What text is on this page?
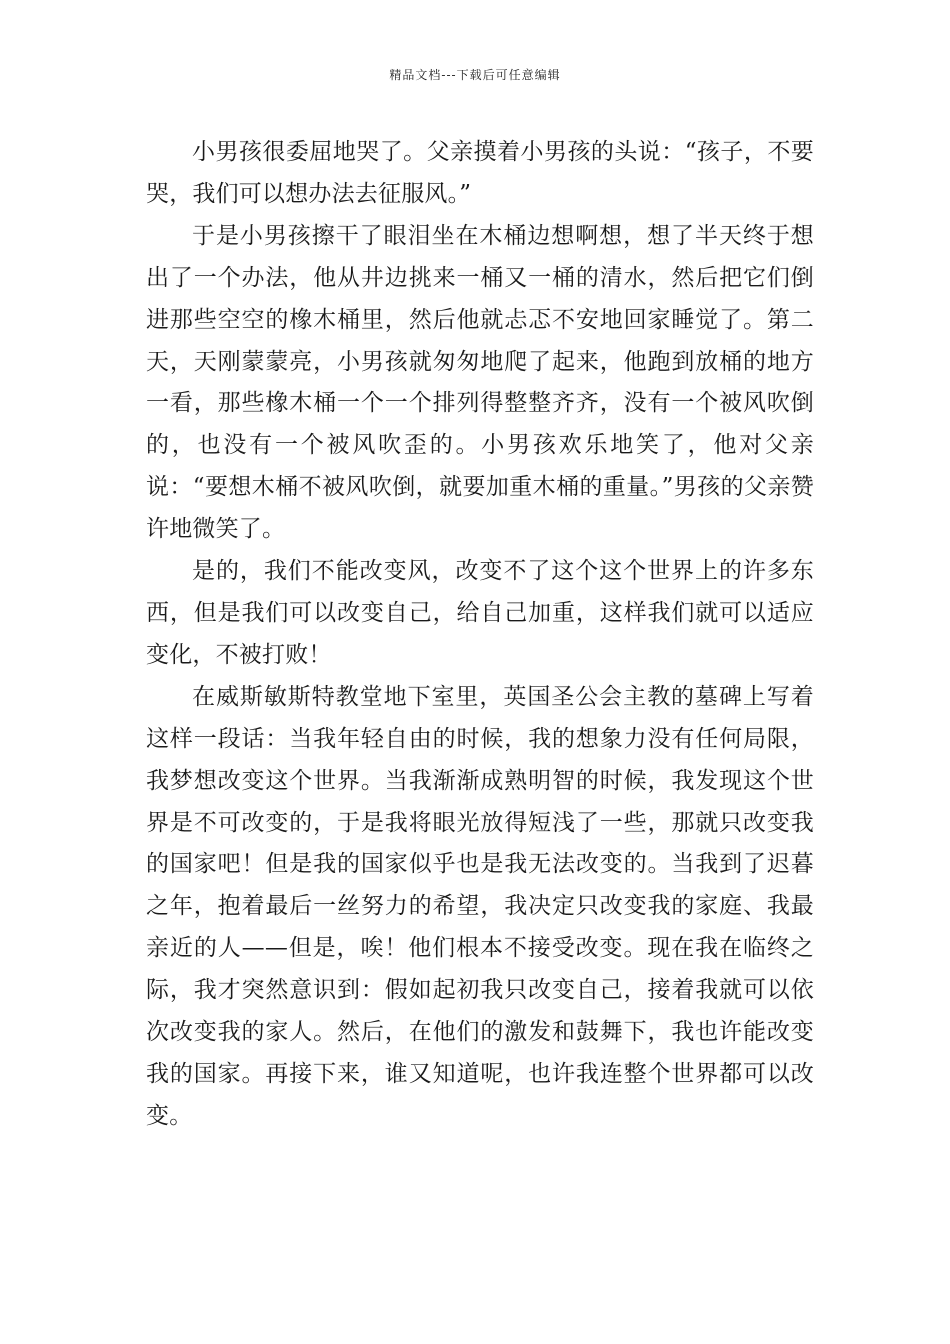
精品文档---下载后可任意编辑

小男孩很委屈地哭了。父亲摸着小男孩的头说：“孩子，不要哭，我们可以想办法去征服风。”

于是小男孩擦干了眼泪坐在木桶边想啊想，想了半天终于想出了一个办法，他从井边挑来一桶又一桶的清水，然后把它们倒进那些空空的橡木桶里，然后他就忐忑不安地回家睡觉了。第二天，天刚蒙蒙亮，小男孩就匆匆地爬了起来，他跑到放桶的地方一看，那些橡木桶一个一个排列得整整齐齐，没有一个被风吹倒的，也没有一个被风吹歪的。小男孩欢乐地笑了，他对父亲说：“要想木桶不被风吹倒，就要加重木桶的重量。”男孩的父亲赞许地微笑了。

是的，我们不能改变风，改变不了这个这个世界上的许多东西，但是我们可以改变自己，给自己加重，这样我们就可以适应变化，不被打败！

在威斯敏斯特教堂地下室里，英国圣公会主教的墓碑上写着这样一段话：当我年轻自由的时候，我的想象力没有任何局限，我梦想改变这个世界。当我渐渐成熟明智的时候，我发现这个世界是不可改变的，于是我将眼光放得短浅了一些，那就只改变我的国家吧！但是我的国家似乎也是我无法改变的。当我到了迟暮之年，抱着最后一丝努力的希望，我决定只改变我的家庭、我最亲近的人——但是，唉！他们根本不接受改变。现在我在临终之际，我才突然意识到：假如起初我只改变自己，接着我就可以依次改变我的家人。然后，在他们的激发和鼓舞下，我也许能改变我的国家。再接下来，谁又知道呢，也许我连整个世界都可以改变。
